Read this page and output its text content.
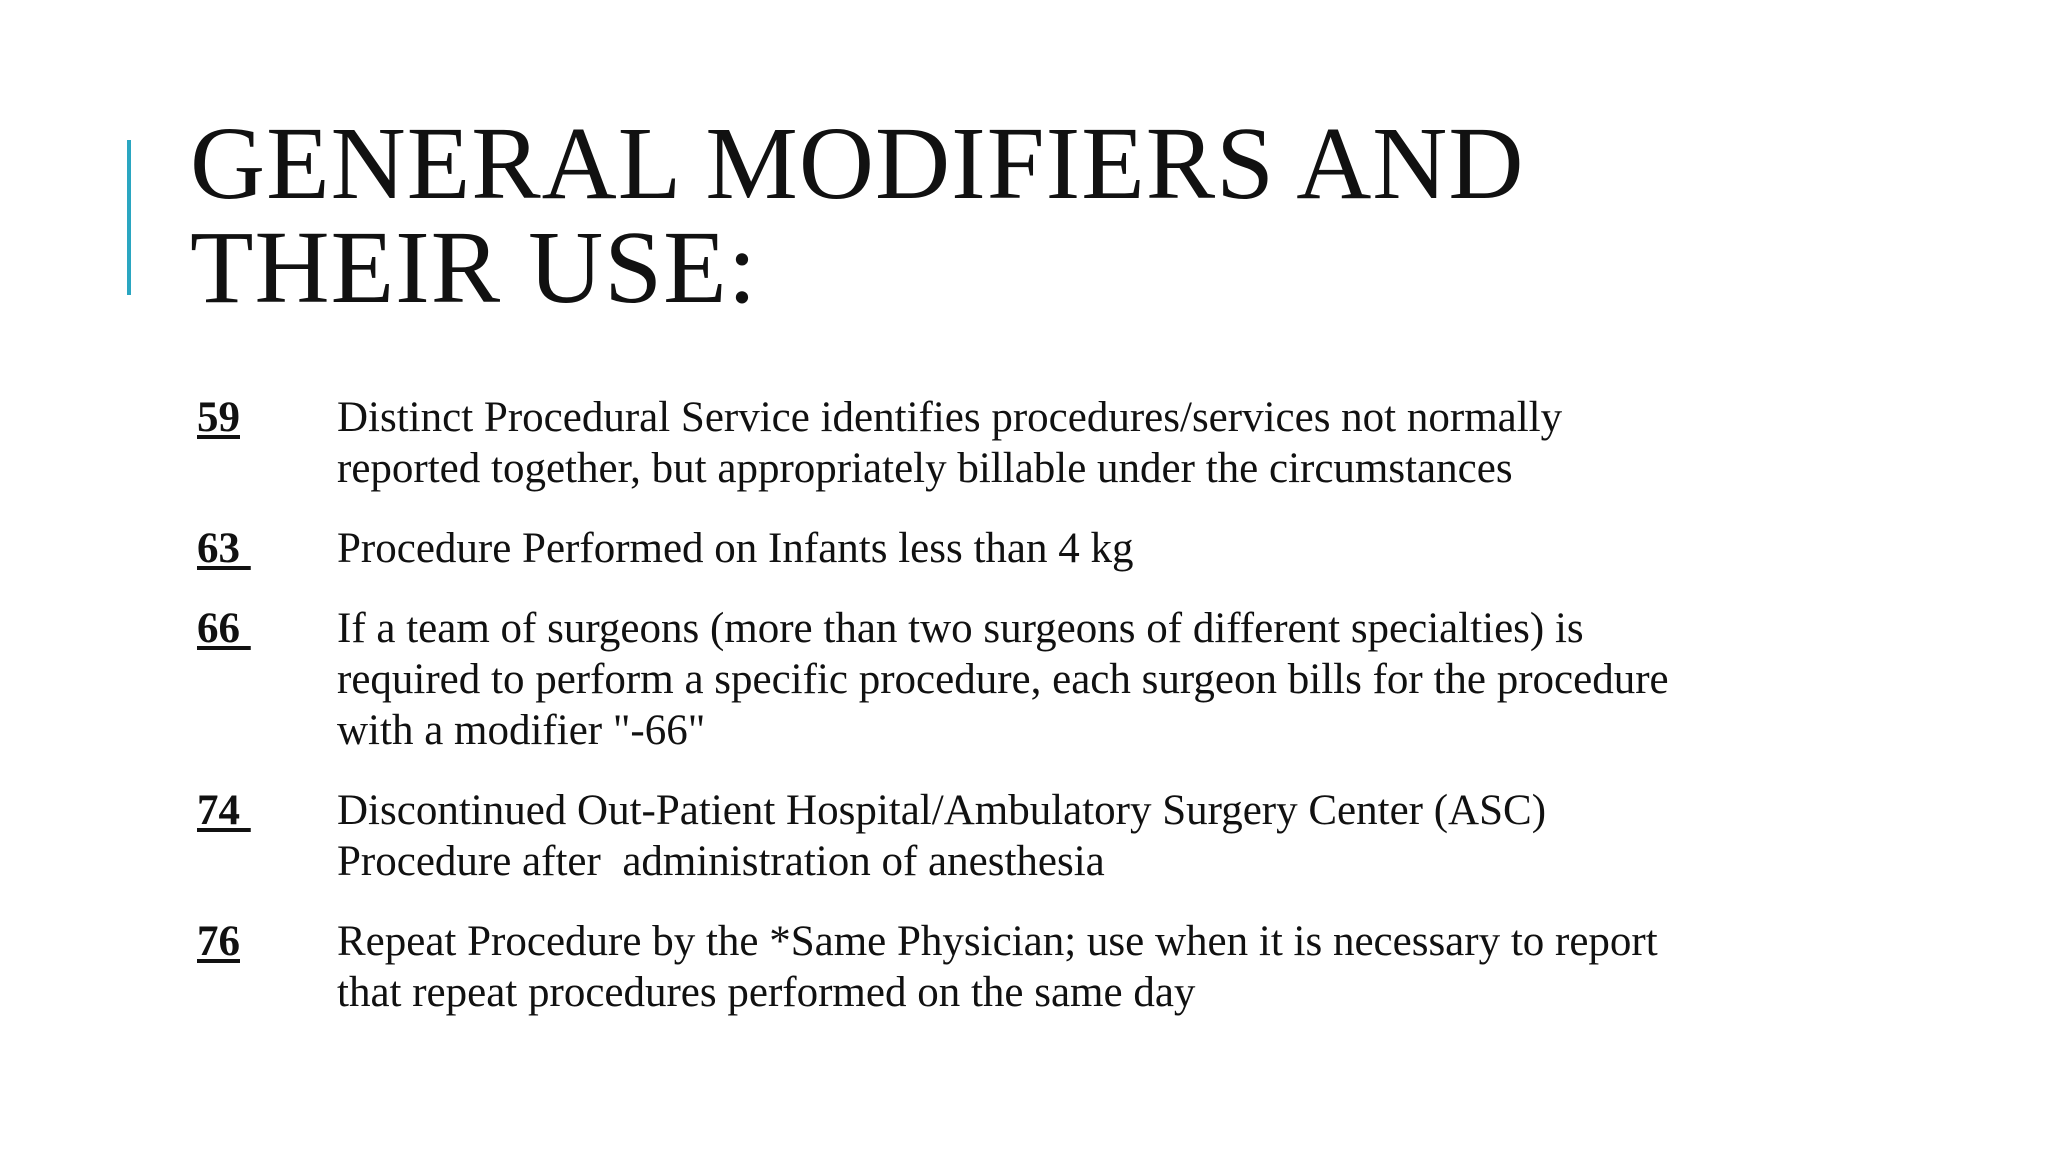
GENERAL MODIFIERS AND
THEIR USE:
59	Distinct Procedural Service identifies procedures/services not normally
reported together, but appropriately billable under the circumstances
63	Procedure Performed on Infants less than 4 kg
66	If a team of surgeons (more than two surgeons of different specialties) is
required to perform a specific procedure, each surgeon bills for the procedure
with a modifier "-66"
74	Discontinued Out-Patient Hospital/Ambulatory Surgery Center (ASC)
Procedure after  administration of anesthesia
76	Repeat Procedure by the *Same Physician; use when it is necessary to report
that repeat procedures performed on the same day
